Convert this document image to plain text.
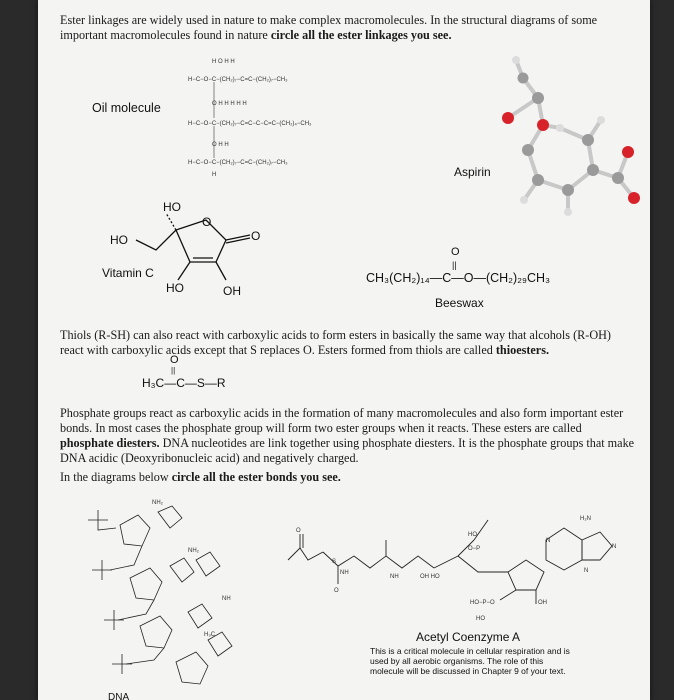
Ester linkages are widely used in nature to make complex macromolecules. In the structural diagrams of some important macromolecules found in nature circle all the ester linkages you see.
Oil molecule
H O H H
H−C−O−C−(CH₂)₇−C=C−(CH₂)₇−CH₃
O H H H H H
H−C−O−C−(CH₂)₇−C=C−C−C=C−(CH₂)₄−CH₃
O H H
H−C−O−C−(CH₂)₇−C=C−(CH₂)₇−CH₃
H
HO
HO
O
O
HO	OH
O
||
CH₃(CH₂)₁₄—C—O—(CH₂)₂₉CH₃
O
||
H₃C—C—S—R
NH₂
NH₂
NH
H₃C
DNA
S
O
O
NH
NH	OH HO
HO
O−P
H₂N
N
N
N
HO−P−O	OH
HO
Aspirin
Vitamin C
Beeswax
Thiols (R-SH) can also react with carboxylic acids to form esters in basically the same way that alcohols (R-OH) react with carboxylic acids except that S replaces O. Esters formed from thiols are called thioesters.
Phosphate groups react as carboxylic acids in the formation of many macromolecules and also form important ester bonds. In most cases the phosphate group will form two ester groups when it reacts. These esters are called phosphate diesters. DNA nucleotides are link together using phosphate diesters. It is the phosphate groups that make DNA acidic (Deoxyribonucleic acid) and negatively charged.
In the diagrams below circle all the ester bonds you see.
Acetyl Coenzyme A
This is a critical molecule in cellular respiration and is used by all aerobic organisms. The role of this molecule will be discussed in Chapter 9 of your text.
